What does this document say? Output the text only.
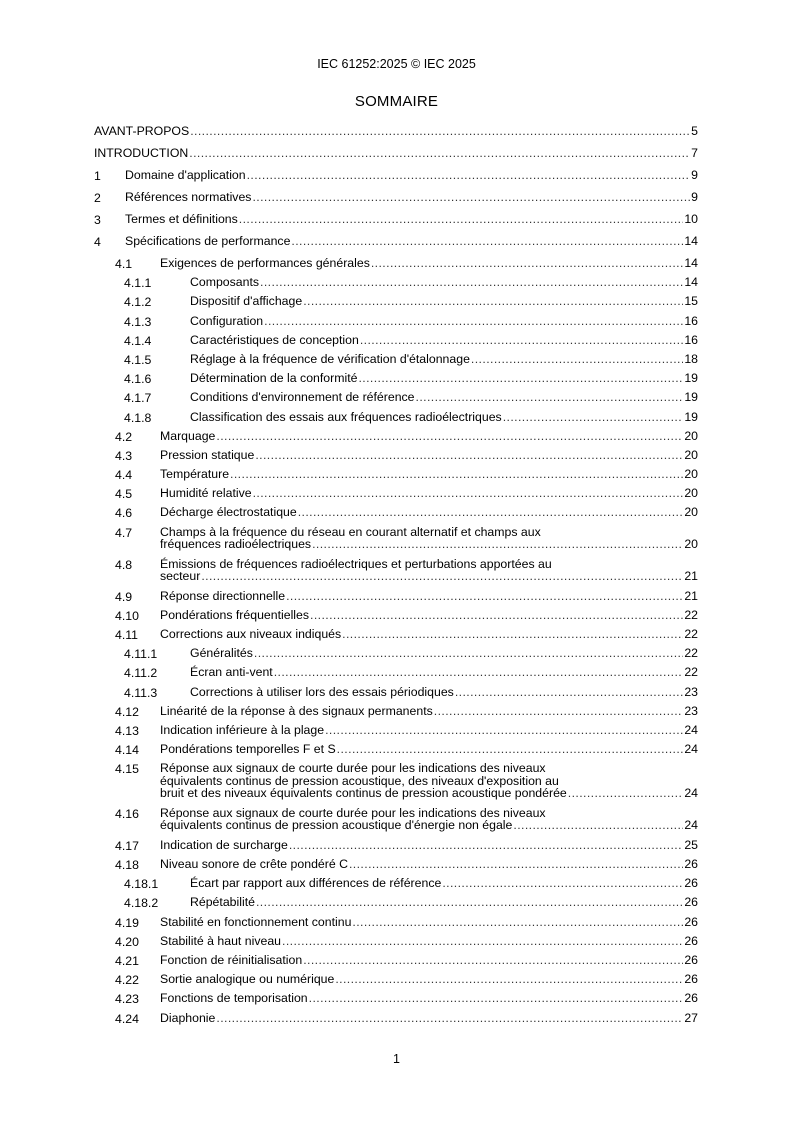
IEC 61252:2025 © IEC 2025
SOMMAIRE
AVANT-PROPOS .....	5
INTRODUCTION .....	7
1 Domaine d'application .....	9
2 Références normatives .....	9
3 Termes et définitions .....	10
4 Spécifications de performance .....	14
4.1 Exigences de performances générales .....	14
4.1.1	Composants .....	14
4.1.2	Dispositif d'affichage .....	15
4.1.3	Configuration .....	16
4.1.4	Caractéristiques de conception .....	16
4.1.5	Réglage à la fréquence de vérification d'étalonnage .....	18
4.1.6	Détermination de la conformité .....	19
4.1.7	Conditions d'environnement de référence .....	19
4.1.8	Classification des essais aux fréquences radioélectriques .....	19
4.2 Marquage .....	20
4.3 Pression statique .....	20
4.4 Température .....	20
4.5 Humidité relative .....	20
4.6 Décharge électrostatique .....	20
4.7 Champs à la fréquence du réseau en courant alternatif et champs aux
fréquences radioélectriques .....	20
4.8 Émissions de fréquences radioélectriques et perturbations apportées au
secteur .....	21
4.9 Réponse directionnelle .....	21
4.10 Pondérations fréquentielles .....	22
4.11 Corrections aux niveaux indiqués .....	22
4.11.1	Généralités .....	22
4.11.2	Écran anti-vent .....	22
4.11.3	Corrections à utiliser lors des essais périodiques .....	23
4.12 Linéarité de la réponse à des signaux permanents .....	23
4.13 Indication inférieure à la plage .....	24
4.14 Pondérations temporelles F et S .....	24
4.15 Réponse aux signaux de courte durée pour les indications des niveaux
équivalents continus de pression acoustique, des niveaux d'exposition au
bruit et des niveaux équivalents continus de pression acoustique pondérée .....	24
4.16 Réponse aux signaux de courte durée pour les indications des niveaux
équivalents continus de pression acoustique d'énergie non égale .....	24
4.17 Indication de surcharge .....	25
4.18 Niveau sonore de crête pondéré C .....	26
4.18.1	Écart par rapport aux différences de référence .....	26
4.18.2	Répétabilité .....	26
4.19 Stabilité en fonctionnement continu .....	26
4.20 Stabilité à haut niveau .....	26
4.21 Fonction de réinitialisation .....	26
4.22 Sortie analogique ou numérique .....	26
4.23 Fonctions de temporisation .....	26
4.24 Diaphonie .....	27
1
